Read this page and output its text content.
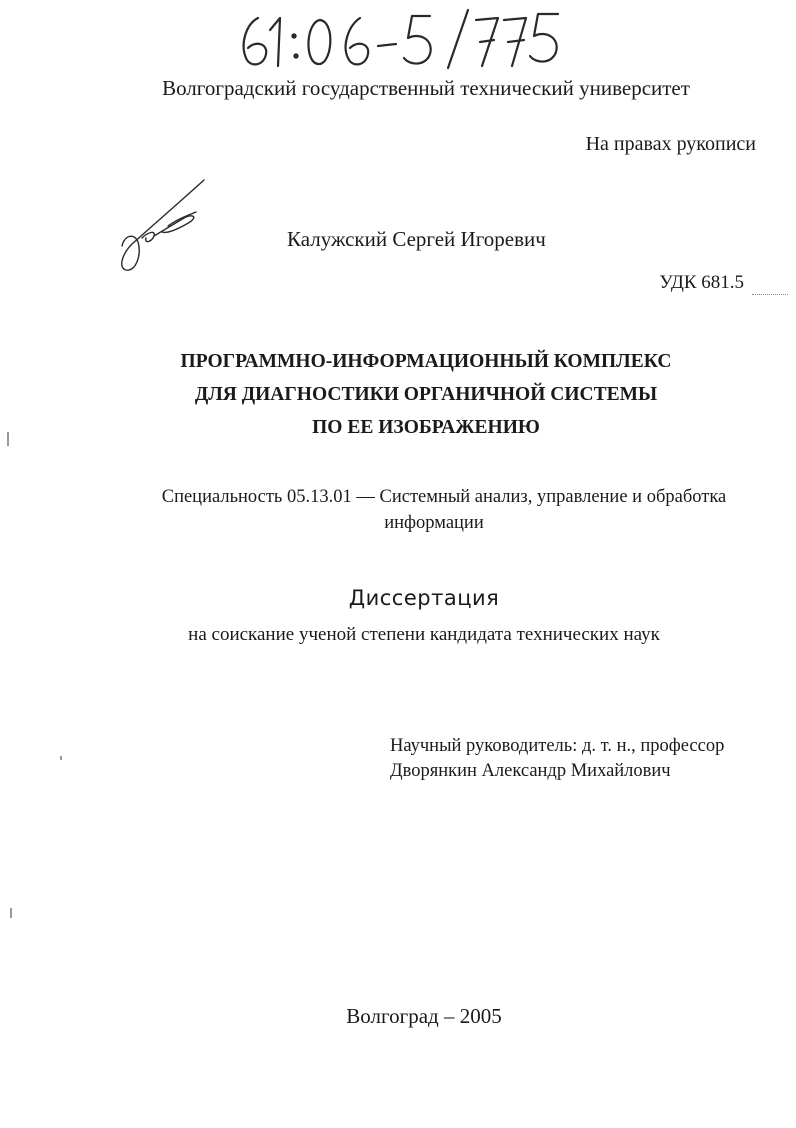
Волгоградский государственный технический университет
На правах рукописи
Калужский Сергей Игоревич
УДК 681.5
ПРОГРАММНО-ИНФОРМАЦИОННЫЙ КОМПЛЕКС
ДЛЯ ДИАГНОСТИКИ ОРГАНИЧНОЙ СИСТЕМЫ
ПО ЕЕ ИЗОБРАЖЕНИЮ
Специальность 05.13.01 — Системный анализ, управление и обработка
информации
Диссертация
на соискание ученой степени кандидата технических наук
Научный руководитель: д. т. н., профессор
Дворянкин Александр Михайлович
Волгоград – 2005
